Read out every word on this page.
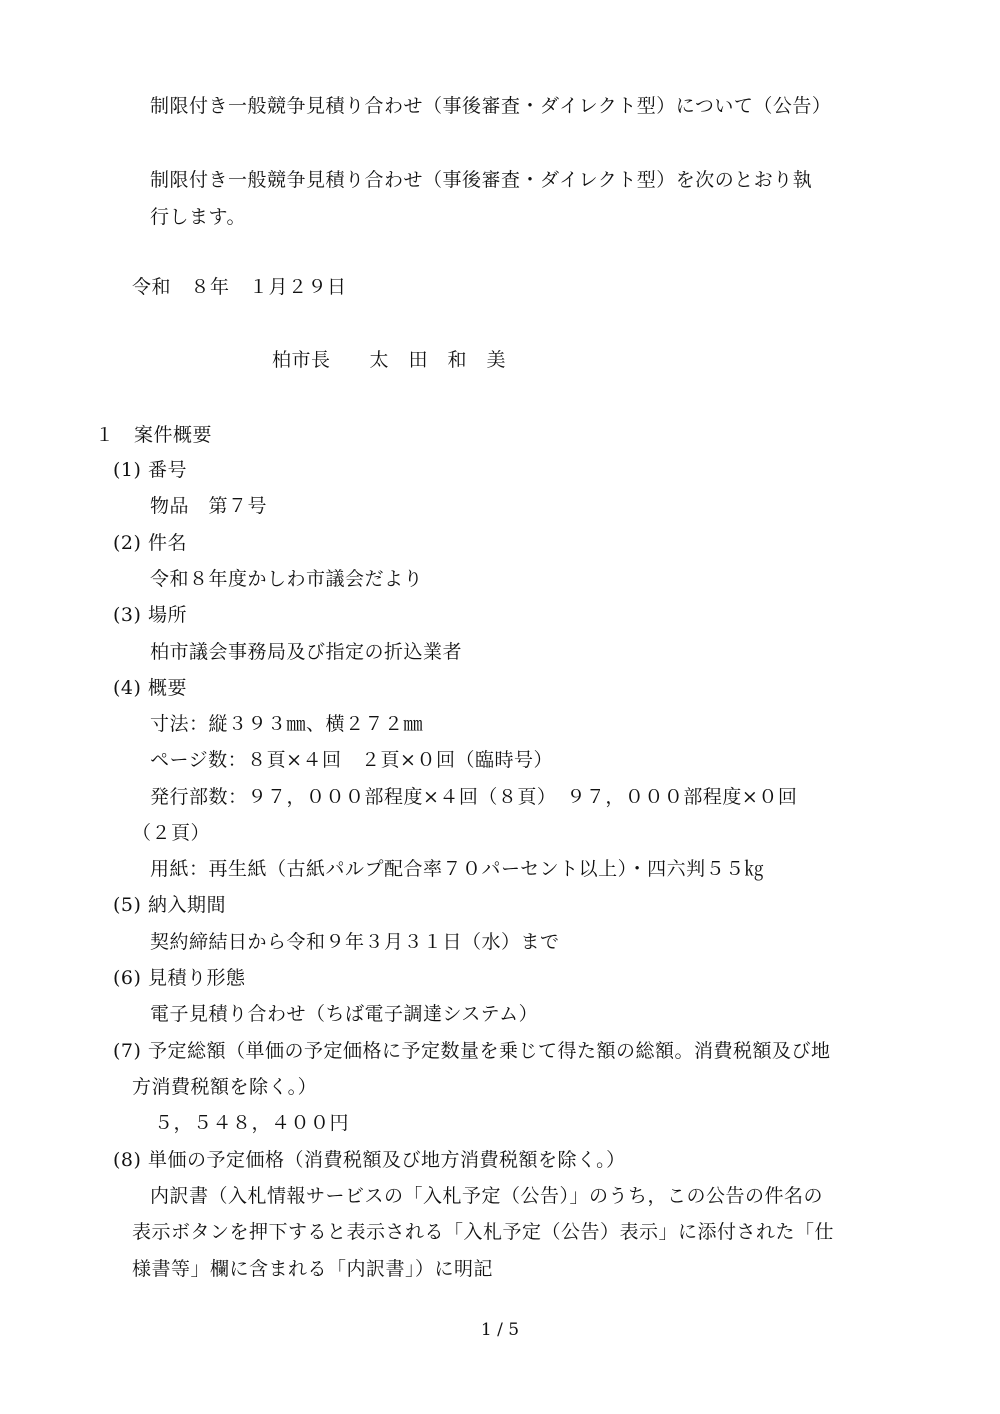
制限付き一般競争見積り合わせ（事後審査・ダイレクト型）について（公告）
制限付き一般競争見積り合わせ（事後審査・ダイレクト型）を次のとおり執
行します。
令和　８年　１月２９日
柏市長　　太　田　和　美
１　案件概要
(1) 番号
物品　第７号
(2) 件名
令和８年度かしわ市議会だより
(3) 場所
柏市議会事務局及び指定の折込業者
(4) 概要
寸法：縦３９３㎜、横２７２㎜
ページ数：８頁×４回　２頁×０回（臨時号）
発行部数：９７，０００部程度×４回（８頁）　９７，０００部程度×０回
（２頁）
用紙：再生紙（古紙パルプ配合率７０パーセント以上）・四六判５５㎏
(5) 納入期間
契約締結日から令和９年３月３１日（水）まで
(6) 見積り形態
電子見積り合わせ（ちば電子調達システム）
(7) 予定総額（単価の予定価格に予定数量を乗じて得た額の総額。消費税額及び地
方消費税額を除く。）
５，５４８，４００円
(8) 単価の予定価格（消費税額及び地方消費税額を除く。）
内訳書（入札情報サービスの「入札予定（公告）」のうち，この公告の件名の
表示ボタンを押下すると表示される「入札予定（公告）表示」に添付された「仕
様書等」欄に含まれる「内訳書」）に明記
1 / 5
